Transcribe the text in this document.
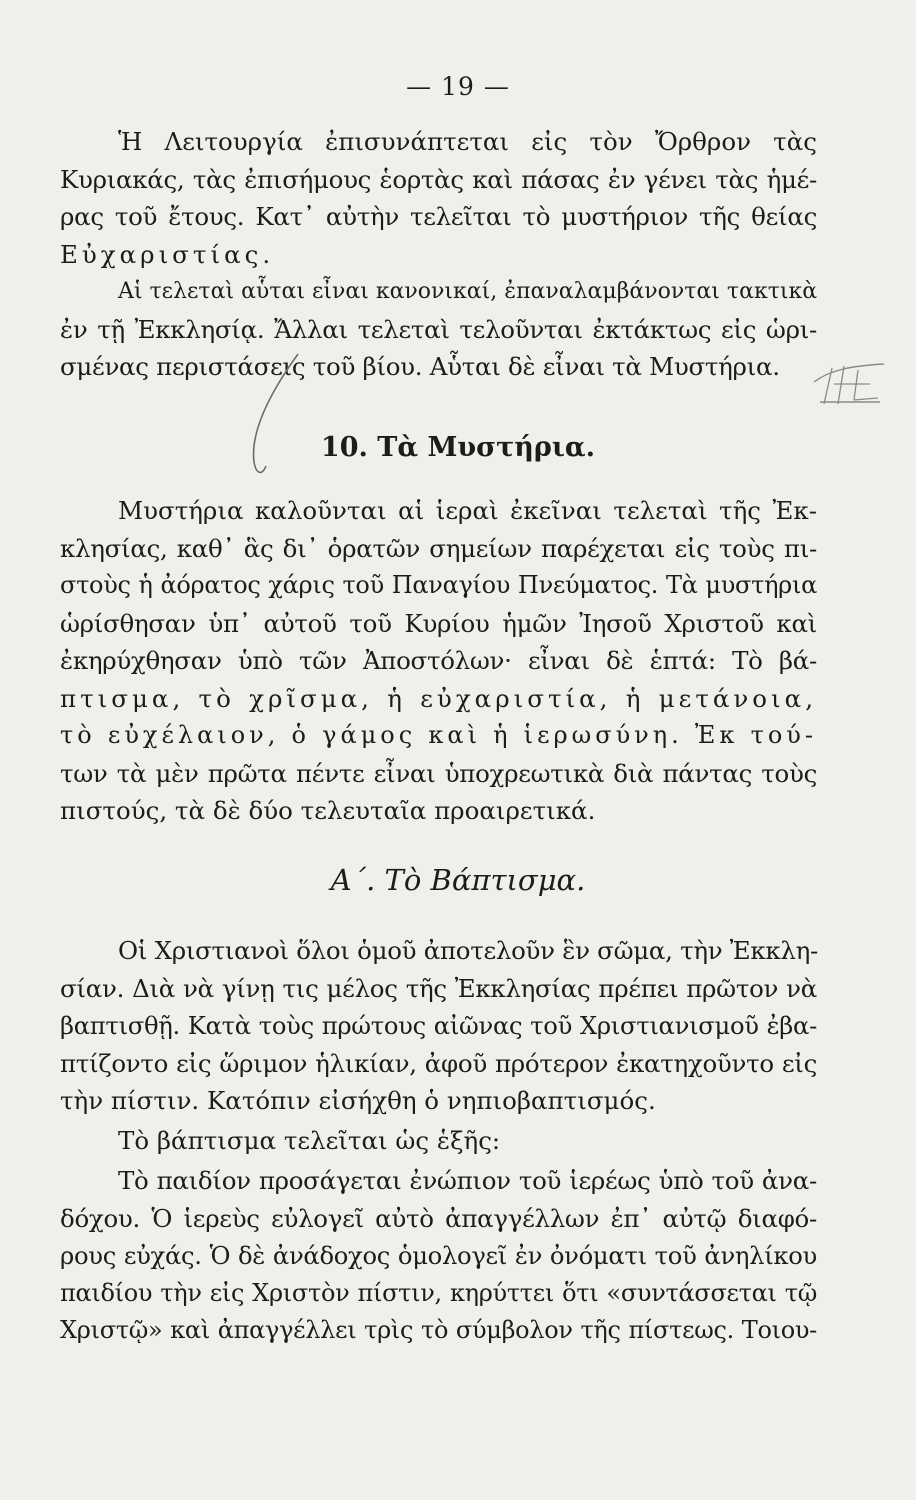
— 19 —
Ἡ Λειτουργία ἐπισυνάπτεται εἰς τὸν Ὄρθρον τὰς
Κυριακάς, τὰς ἐπισήμους ἑορτὰς καὶ πάσας ἐν γένει τὰς ἡμέ-
ρας τοῦ ἔτους. Κατ᾽ αὐτὴν τελεῖται τὸ μυστήριον τῆς θείας
Εὐχαριστίας.
Αἱ τελεταὶ αὗται εἶναι κανονικαί, ἐπαναλαμβάνονται τακτικὰ
ἐν τῇ Ἐκκλησίᾳ. Ἄλλαι τελεταὶ τελοῦνται ἐκτάκτως εἰς ὡρι-
σμένας περιστάσεις τοῦ βίου. Αὗται δὲ εἶναι τὰ Μυστήρια.
10. Τὰ Μυστήρια.
Μυστήρια καλοῦνται αἱ ἱεραὶ ἐκεῖναι τελεταὶ τῆς Ἐκ-
κλησίας, καθ᾽ ἃς δι᾽ ὁρατῶν σημείων παρέχεται εἰς τοὺς πι-
στοὺς ἡ ἀόρατος χάρις τοῦ Παναγίου Πνεύματος. Τὰ μυστήρια
ὡρίσθησαν ὑπ᾽ αὐτοῦ τοῦ Κυρίου ἡμῶν Ἰησοῦ Χριστοῦ καὶ
ἐκηρύχθησαν ὑπὸ τῶν Ἀποστόλων· εἶναι δὲ ἑπτά: Τὸ βά-
πτισμα, τὸ χρῖσμα, ἡ εὐχαριστία, ἡ μετάνοια,
τὸ εὐχέλαιον, ὁ γάμος καὶ ἡ ἱερωσύνη. Ἐκ τού-
των τὰ μὲν πρῶτα πέντε εἶναι ὑποχρεωτικὰ διὰ πάντας τοὺς
πιστούς, τὰ δὲ δύο τελευταῖα προαιρετικά.
Α΄. Τὸ Βάπτισμα.
Οἱ Χριστιανοὶ ὅλοι ὁμοῦ ἀποτελοῦν ἓν σῶμα, τὴν Ἐκκλη-
σίαν. Διὰ νὰ γίνῃ τις μέλος τῆς Ἐκκλησίας πρέπει πρῶτον νὰ
βαπτισθῇ. Κατὰ τοὺς πρώτους αἰῶνας τοῦ Χριστιανισμοῦ ἐβα-
πτίζοντο εἰς ὥριμον ἡλικίαν, ἀφοῦ πρότερον ἐκατηχοῦντο εἰς
τὴν πίστιν. Κατόπιν εἰσήχθη ὁ νηπιοβαπτισμός.
Τὸ βάπτισμα τελεῖται ὡς ἑξῆς:
Τὸ παιδίον προσάγεται ἐνώπιον τοῦ ἱερέως ὑπὸ τοῦ ἀνα-
δόχου. Ὁ ἱερεὺς εὐλογεῖ αὐτὸ ἀπαγγέλλων ἐπ᾽ αὐτῷ διαφό-
ρους εὐχάς. Ὁ δὲ ἀνάδοχος ὁμολογεῖ ἐν ὀνόματι τοῦ ἀνηλίκου
παιδίου τὴν εἰς Χριστὸν πίστιν, κηρύττει ὅτι «συντάσσεται τῷ
Χριστῷ» καὶ ἀπαγγέλλει τρὶς τὸ σύμβολον τῆς πίστεως. Τοιου-
